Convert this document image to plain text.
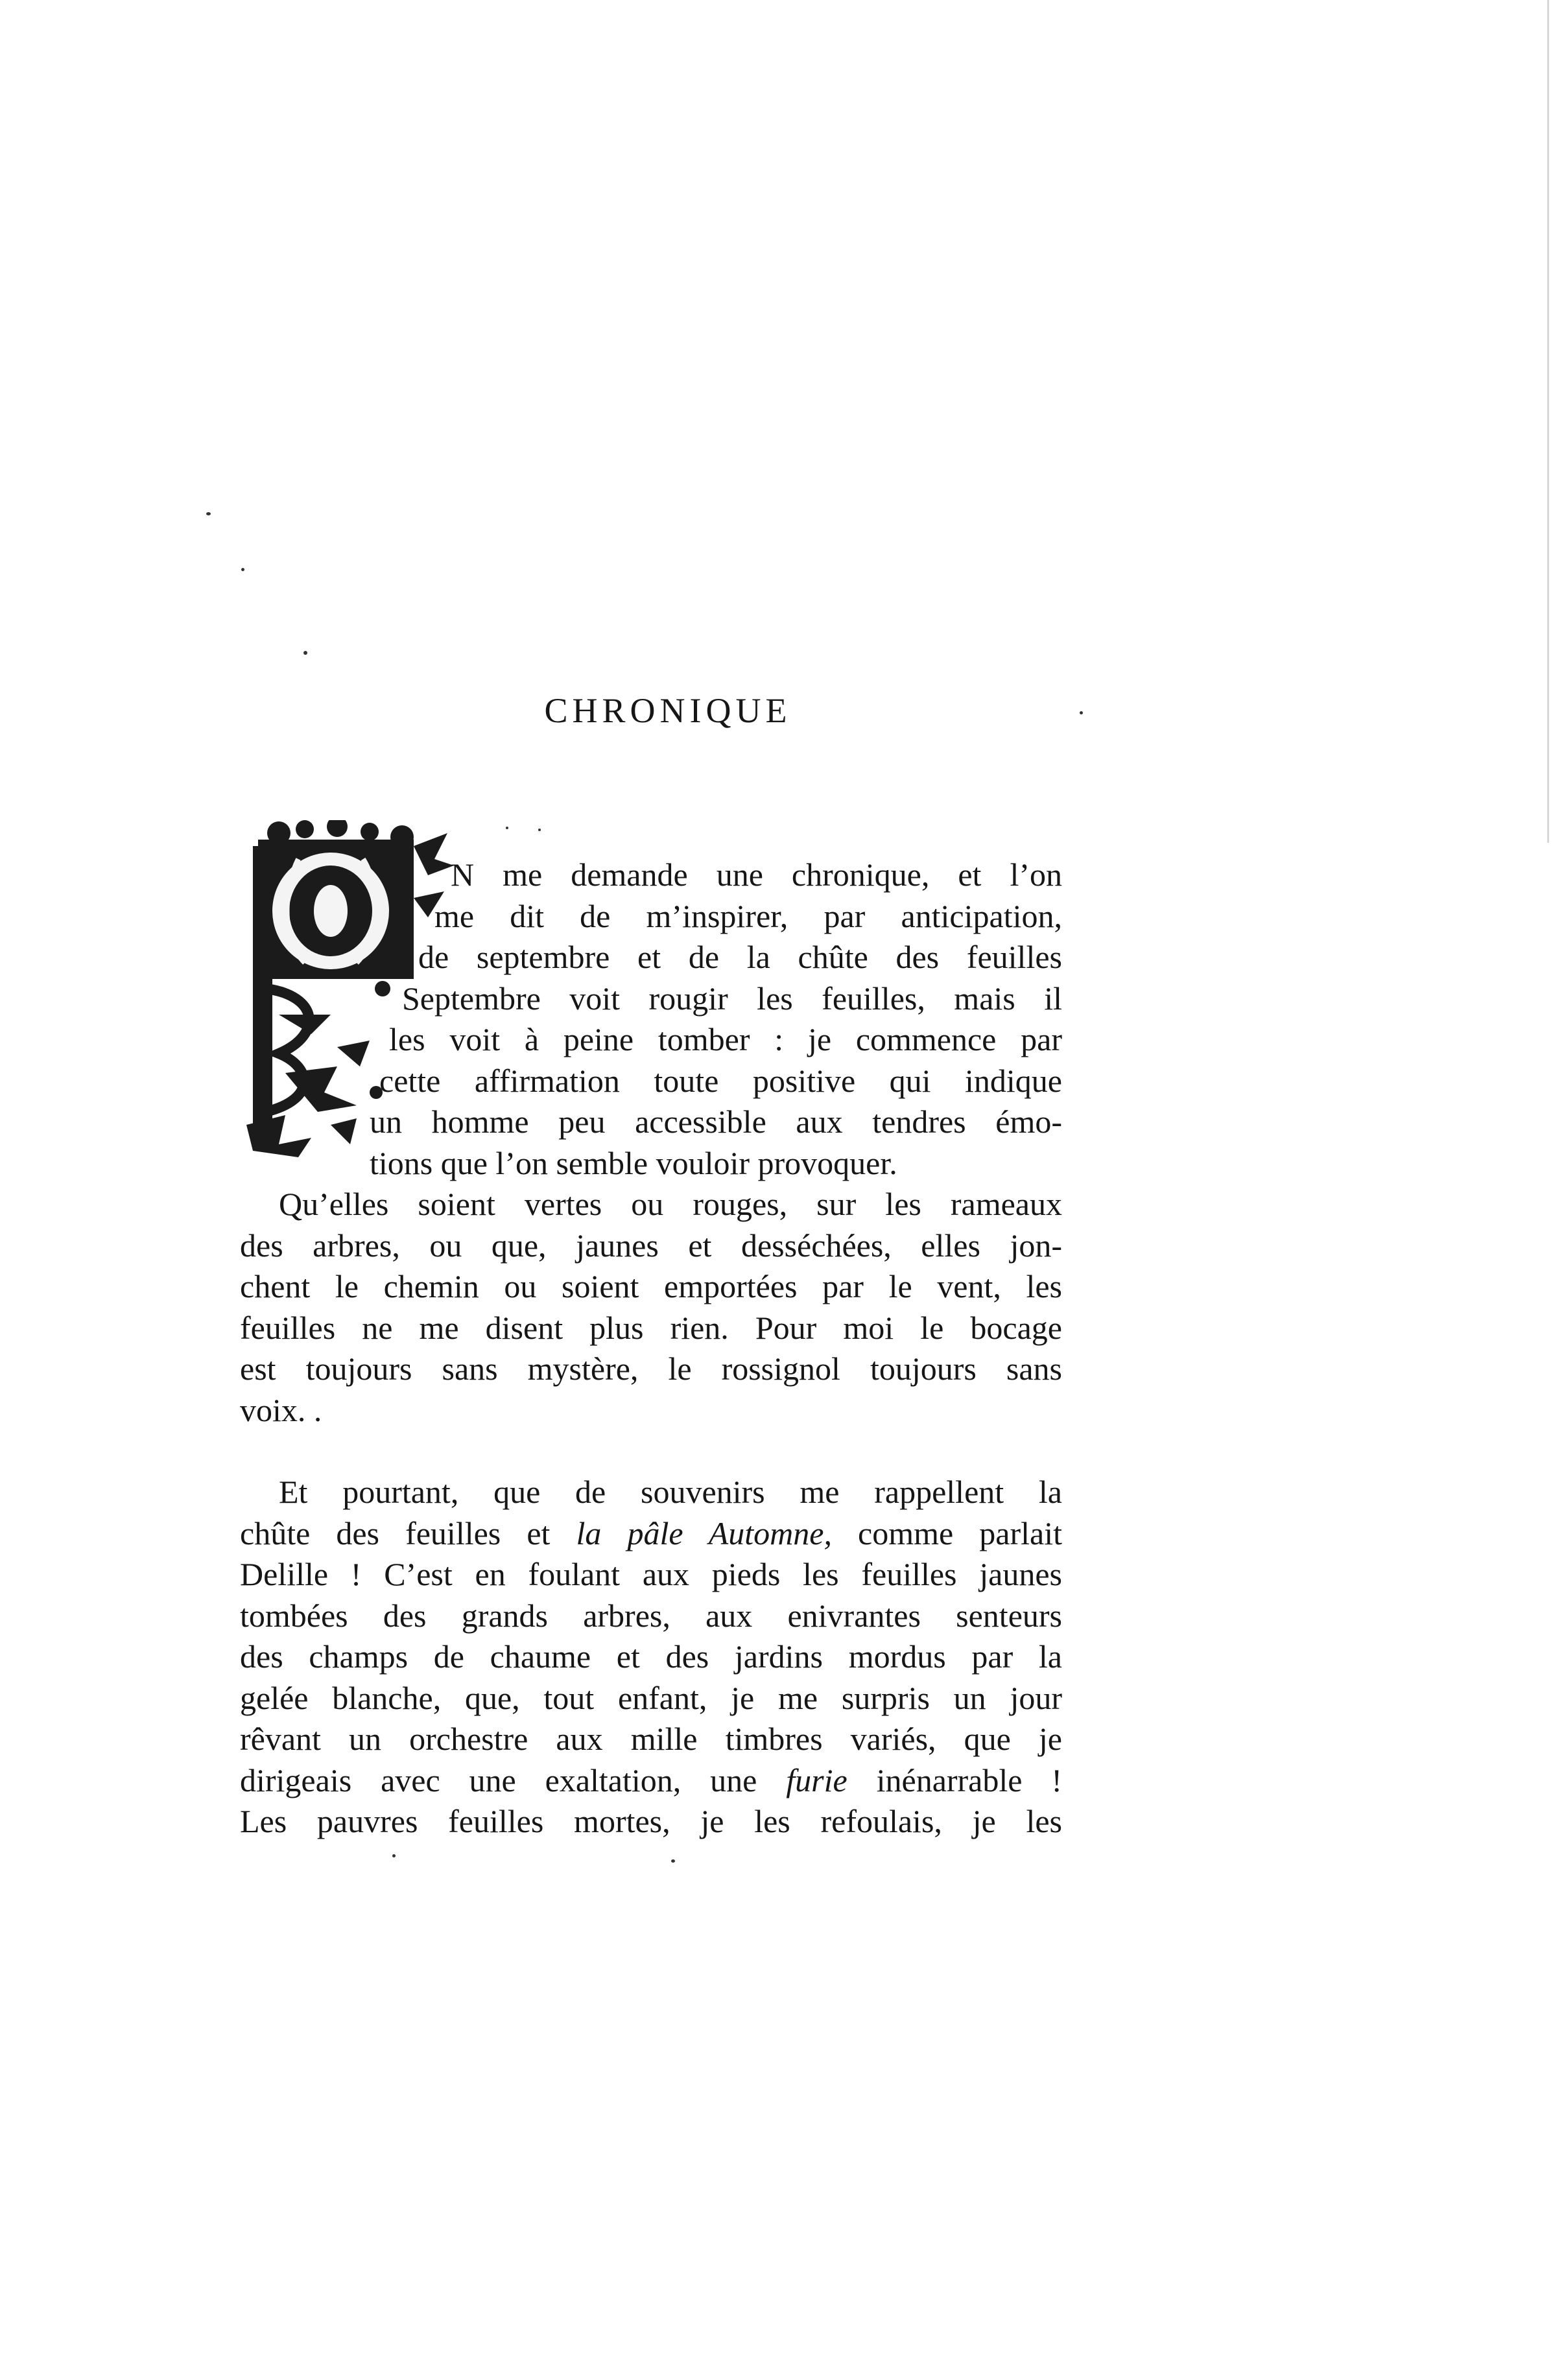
CHRONIQUE
N me demande une chronique, et l’on
me dit de m’inspirer, par anticipation,
de septembre et de la chûte des feuilles
Septembre voit rougir les feuilles, mais il
les voit à peine tomber : je commence par
cette affirmation toute positive qui indique
un homme peu accessible aux tendres émo-
tions que l’on semble vouloir provoquer.
Qu’elles soient vertes ou rouges, sur les rameaux
des arbres, ou que, jaunes et desséchées, elles jon-
chent le chemin ou soient emportées par le vent, les
feuilles ne me disent plus rien. Pour moi le bocage
est toujours sans mystère, le rossignol toujours sans
voix. .
Et pourtant, que de souvenirs me rappellent la
chûte des feuilles et la pâle Automne, comme parlait
Delille ! C’est en foulant aux pieds les feuilles jaunes
tombées des grands arbres, aux enivrantes senteurs
des champs de chaume et des jardins mordus par la
gelée blanche, que, tout enfant, je me surpris un jour
rêvant un orchestre aux mille timbres variés, que je
dirigeais avec une exaltation, une furie inénarrable !
Les pauvres feuilles mortes, je les refoulais, je les
